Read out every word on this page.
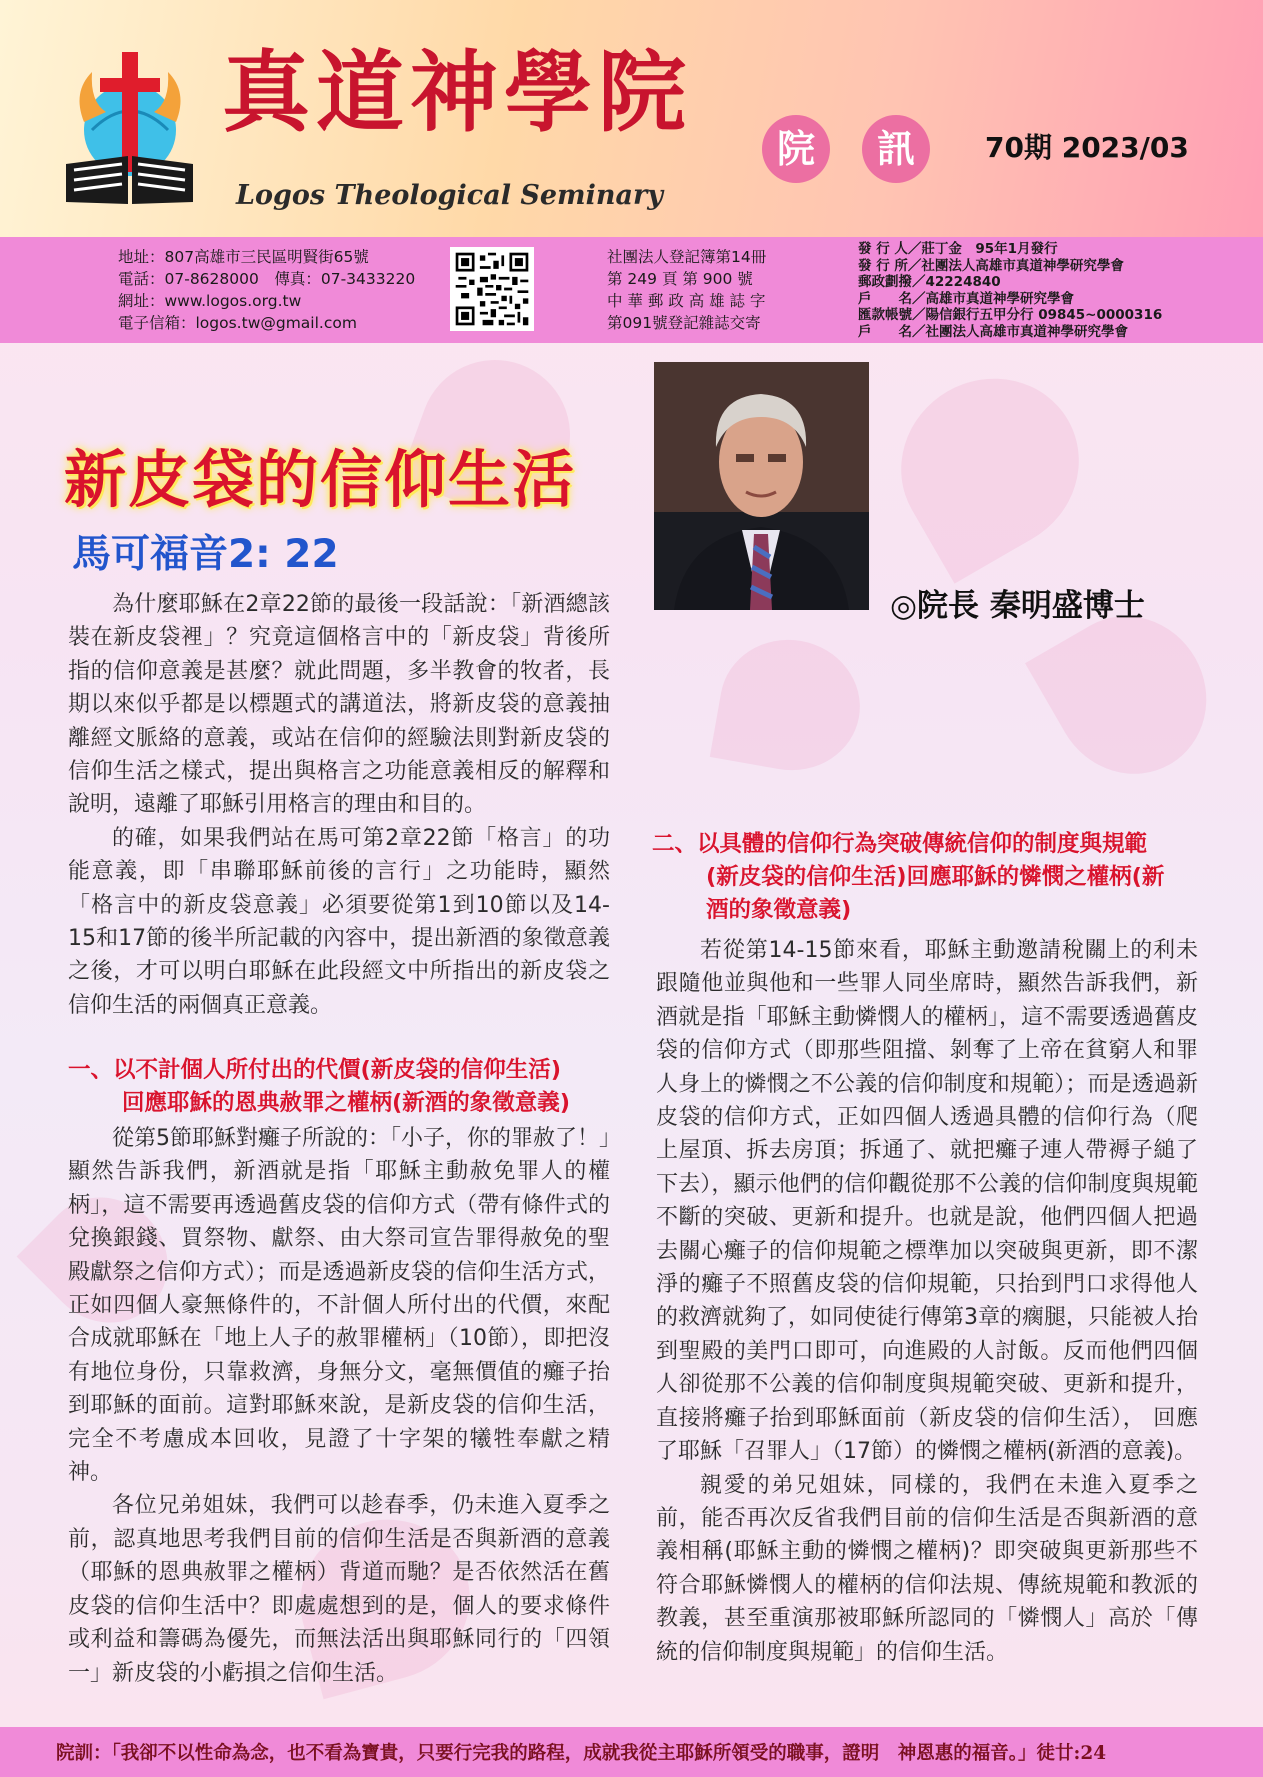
真道神學院
Logos Theological Seminary
院	訊	70期 2023/03
地址：807高雄市三民區明賢街65號
電話：07-8628000　傳真：07-3433220
網址：www.logos.org.tw
電子信箱：logos.tw@gmail.com
社團法人登記簿第14冊
第 249 頁 第 900 號
中 華 郵 政 高 雄 誌 字
第091號登記雜誌交寄
發 行 人／莊丁金　95年1月發行
發 行 所／社團法人高雄市真道神學研究學會
郵政劃撥／42224840
戶　　名／高雄市真道神學研究學會
匯款帳號／陽信銀行五甲分行 09845~0000316
戶　　名／社團法人高雄市真道神學研究學會
◎院長 秦明盛博士
新皮袋的信仰生活
馬可福音2: 22

為什麼耶穌在2章22節的最後一段話說：「新酒總該裝在新皮袋裡」？究竟這個格言中的「新皮袋」背後所指的信仰意義是甚麼？就此問題，多半教會的牧者，長期以來似乎都是以標題式的講道法，將新皮袋的意義抽離經文脈絡的意義，或站在信仰的經驗法則對新皮袋的信仰生活之樣式，提出與格言之功能意義相反的解釋和說明，遠離了耶穌引用格言的理由和目的。

的確，如果我們站在馬可第2章22節「格言」的功能意義，即「串聯耶穌前後的言行」之功能時，顯然「格言中的新皮袋意義」必須要從第1到10節以及14-15和17節的後半所記載的內容中，提出新酒的象徵意義之後，才可以明白耶穌在此段經文中所指出的新皮袋之信仰生活的兩個真正意義。

一、以不計個人所付出的代價(新皮袋的信仰生活)
回應耶穌的恩典赦罪之權柄(新酒的象徵意義)

從第5節耶穌對癱子所說的：「小子，你的罪赦了！」顯然告訴我們，新酒就是指「耶穌主動赦免罪人的權柄」，這不需要再透過舊皮袋的信仰方式（帶有條件式的兌換銀錢、買祭物、獻祭、由大祭司宣告罪得赦免的聖殿獻祭之信仰方式）；而是透過新皮袋的信仰生活方式，正如四個人豪無條件的，不計個人所付出的代價，來配合成就耶穌在「地上人子的赦罪權柄」（10節），即把沒有地位身份，只靠救濟，身無分文，毫無價值的癱子抬到耶穌的面前。這對耶穌來說，是新皮袋的信仰生活，完全不考慮成本回收，見證了十字架的犧牲奉獻之精神。

各位兄弟姐妹，我們可以趁春季，仍未進入夏季之前，認真地思考我們目前的信仰生活是否與新酒的意義（耶穌的恩典赦罪之權柄）背道而馳？是否依然活在舊皮袋的信仰生活中？即處處想到的是，個人的要求條件或利益和籌碼為優先，而無法活出與耶穌同行的「四領一」新皮袋的小虧損之信仰生活。

二、以具體的信仰行為突破傳統信仰的制度與規範
(新皮袋的信仰生活)回應耶穌的憐憫之權柄(新
酒的象徵意義)

若從第14-15節來看，耶穌主動邀請稅關上的利未跟隨他並與他和一些罪人同坐席時，顯然告訴我們，新酒就是指「耶穌主動憐憫人的權柄」，這不需要透過舊皮袋的信仰方式（即那些阻擋、剝奪了上帝在貧窮人和罪人身上的憐憫之不公義的信仰制度和規範）；而是透過新皮袋的信仰方式，正如四個人透過具體的信仰行為（爬上屋頂、拆去房頂；拆通了、就把癱子連人帶褥子縋了下去），顯示他們的信仰觀從那不公義的信仰制度與規範不斷的突破、更新和提升。也就是說，他們四個人把過去關心癱子的信仰規範之標準加以突破與更新，即不潔淨的癱子不照舊皮袋的信仰規範，只抬到門口求得他人的救濟就夠了，如同使徒行傳第3章的瘸腿，只能被人抬到聖殿的美門口即可，向進殿的人討飯。反而他們四個人卻從那不公義的信仰制度與規範突破、更新和提升，直接將癱子抬到耶穌面前（新皮袋的信仰生活）， 回應了耶穌「召罪人」（17節）的憐憫之權柄(新酒的意義)。

親愛的弟兄姐妹，同樣的，我們在未進入夏季之前，能否再次反省我們目前的信仰生活是否與新酒的意義相稱(耶穌主動的憐憫之權柄)？即突破與更新那些不符合耶穌憐憫人的權柄的信仰法規、傳統規範和教派的教義，甚至重演那被耶穌所認同的「憐憫人」高於「傳統的信仰制度與規範」的信仰生活。

院訓：「我卻不以性命為念，也不看為寶貴，只要行完我的路程，成就我從主耶穌所領受的職事，證明　神恩惠的福音。」徒廿:24
